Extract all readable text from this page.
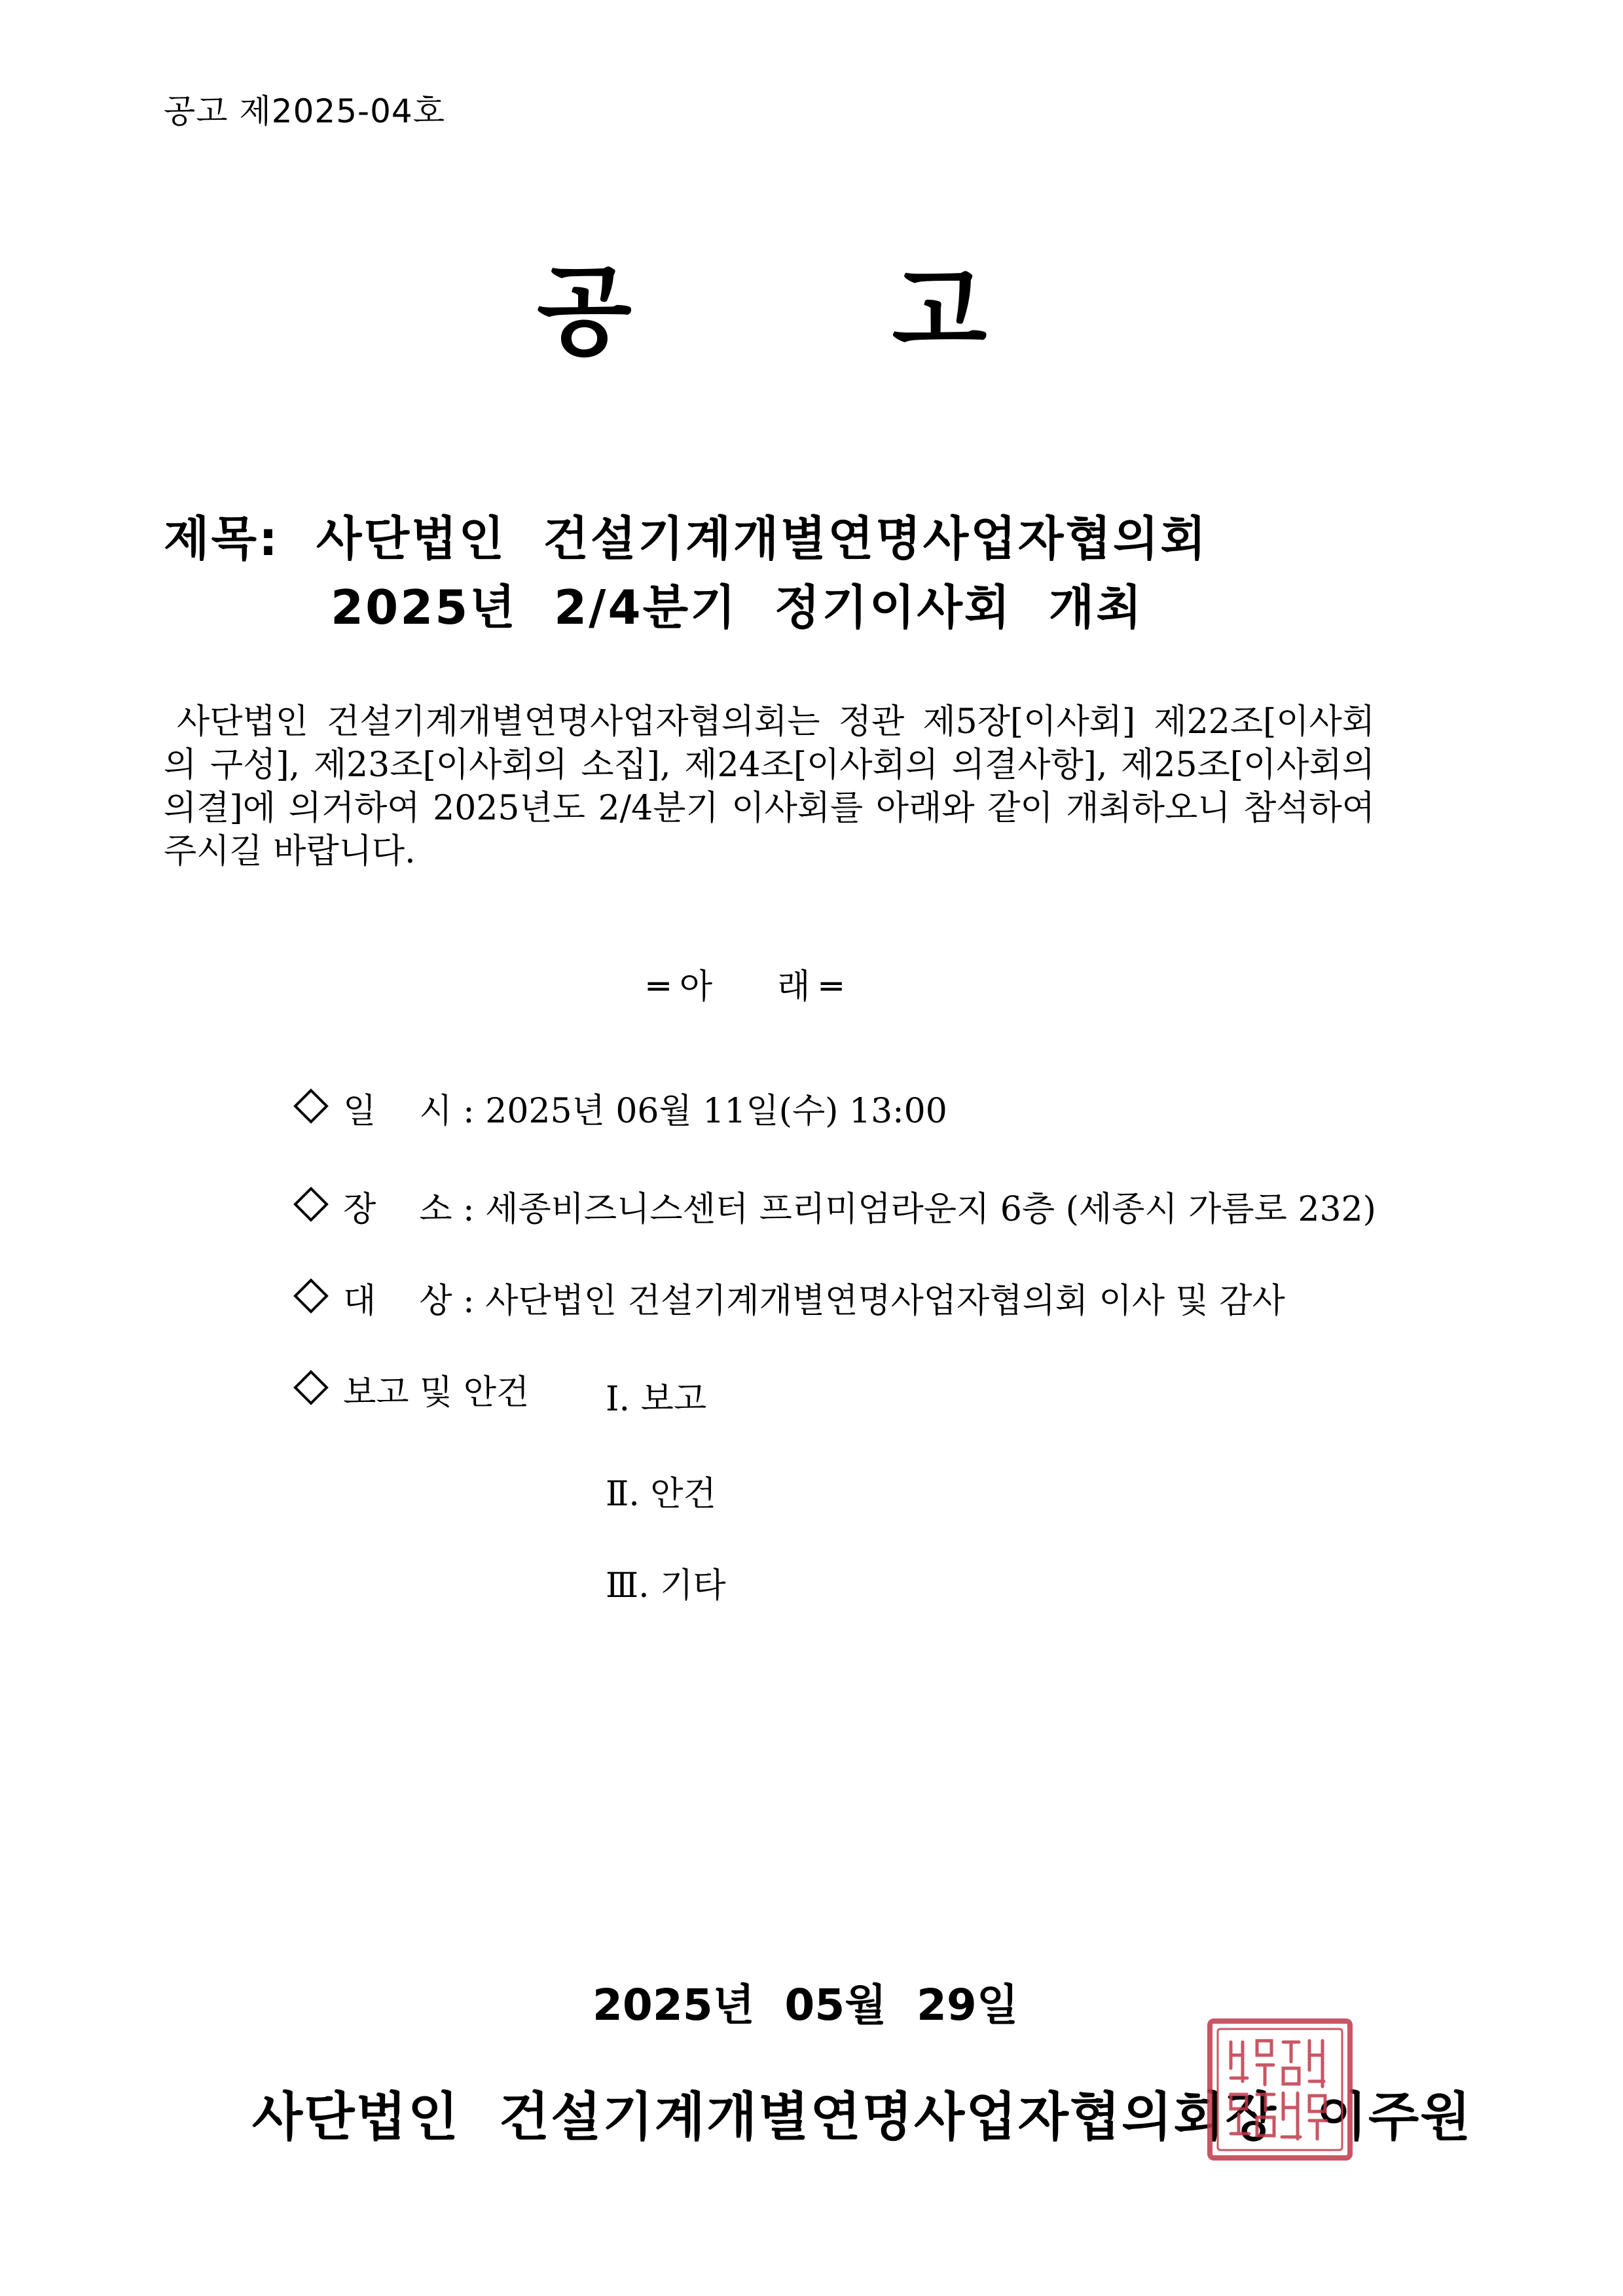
공고 제2025-04호
공       고
제목:  사단법인  건설기계개별연명사업자협의회
2025년  2/4분기  정기이사회  개최
사단법인 건설기계개별연명사업자협의회는 정관 제5장[이사회] 제22조[이사회의 구성], 제23조[이사회의 소집], 제24조[이사회의 의결사항], 제25조[이사회의 의결]에 의거하여 2025년도 2/4분기 이사회를 아래와 같이 개최하오니 참석하여 주시길 바랍니다.
═ 아      래 ═

일    시 : 2025년 06월 11일(수) 13:00

장    소 : 세종비즈니스센터 프리미엄라운지 6층 (세종시 가름로 232)

대    상 : 사단법인 건설기계개별연명사업자협의회 이사 및 감사

보고 및 안건 Ⅰ. 보고
Ⅱ. 안건
Ⅲ. 기타
2025년  05월  29일
사단법인  건설기계개별연명사업자협의회장  이주원
